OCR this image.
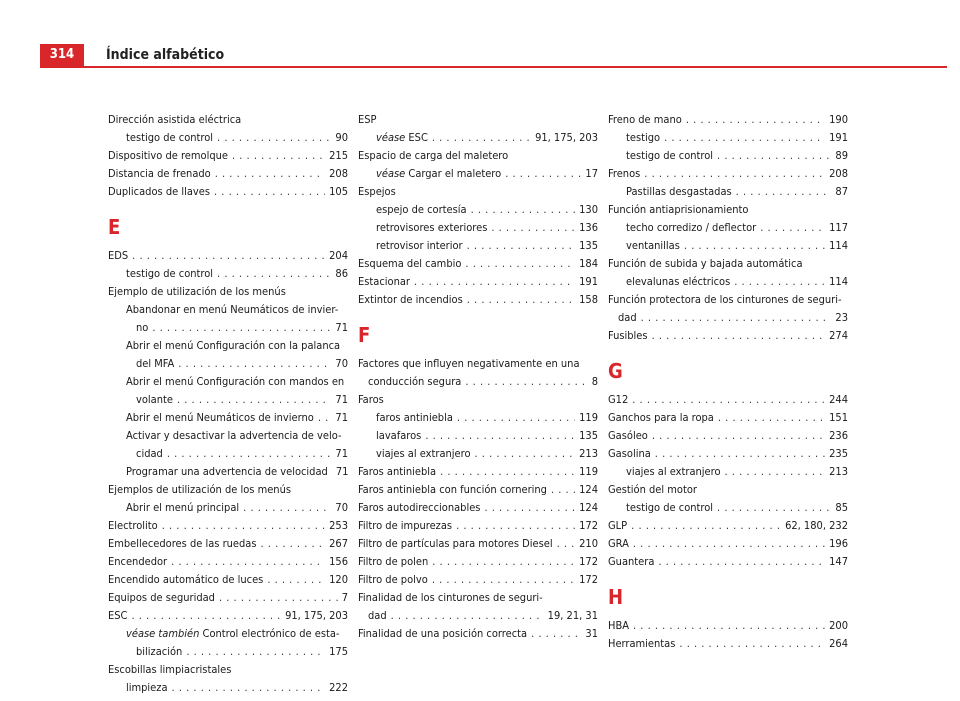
314	Índice alfabético
Dirección asistida eléctrica
testigo de control . . .	90
Dispositivo de remolque . . .	215
Distancia de frenado . . .	208
Duplicados de llaves . . .	105
E
EDS . . .	204
testigo de control . . .	86
Ejemplo de utilización de los menús
Abandonar en menú Neumáticos de invier-
no . . .	71
Abrir el menú Configuración con la palanca
del MFA . . .	70
Abrir el menú Configuración con mandos en
volante . . .	71
Abrir el menú Neumáticos de invierno . . . 71
Activar y desactivar la advertencia de velo-
cidad . . .	71
Programar una advertencia de velocidad 71
Ejemplos de utilización de los menús
Abrir el menú principal . . .	70
Electrolito . . .	253
Embellecedores de las ruedas . . .	267
Encendedor . . .	156
Encendido automático de luces . . .	120
Equipos de seguridad . . .	7
ESC . . .	91, 175, 203
véase también Control electrónico de esta-
bilización . . .	175
Escobillas limpiacristales
limpieza . . .	222
ESP
véase ESC . . .	91, 175, 203
Espacio de carga del maletero
véase Cargar el maletero . . .	17
Espejos
espejo de cortesía . . .	130
retrovisores exteriores . . .	136
retrovisor interior . . .	135
Esquema del cambio . . .	184
Estacionar . . .	191
Extintor de incendios . . .	158
F
Factores que influyen negativamente en una
conducción segura . . .	8
Faros
faros antiniebla . . .	119
lavafaros . . .	135
viajes al extranjero . . .	213
Faros antiniebla . . .	119
Faros antiniebla con función cornering . . .	124
Faros autodireccionables . . .	124
Filtro de impurezas . . .	172
Filtro de partículas para motores Diesel . . . 210
Filtro de polen . . .	172
Filtro de polvo . . .	172
Finalidad de los cinturones de seguri-
dad . . .	19, 21, 31
Finalidad de una posición correcta . . .	31
Freno de mano . . .	190
testigo . . .	191
testigo de control . . .	89
Frenos . . .	208
Pastillas desgastadas . . .	87
Función antiaprisionamiento
techo corredizo / deflector . . .	117
ventanillas . . .	114
Función de subida y bajada automática
elevalunas eléctricos . . .	114
Función protectora de los cinturones de seguri-
dad . . .	23
Fusibles . . .	274
G
G12 . . .	244
Ganchos para la ropa . . .	151
Gasóleo . . .	236
Gasolina . . .	235
viajes al extranjero . . .	213
Gestión del motor
testigo de control . . .	85
GLP . . .	62, 180, 232
GRA . . .	196
Guantera . . .	147
H
HBA . . .	200
Herramientas . . .	264
